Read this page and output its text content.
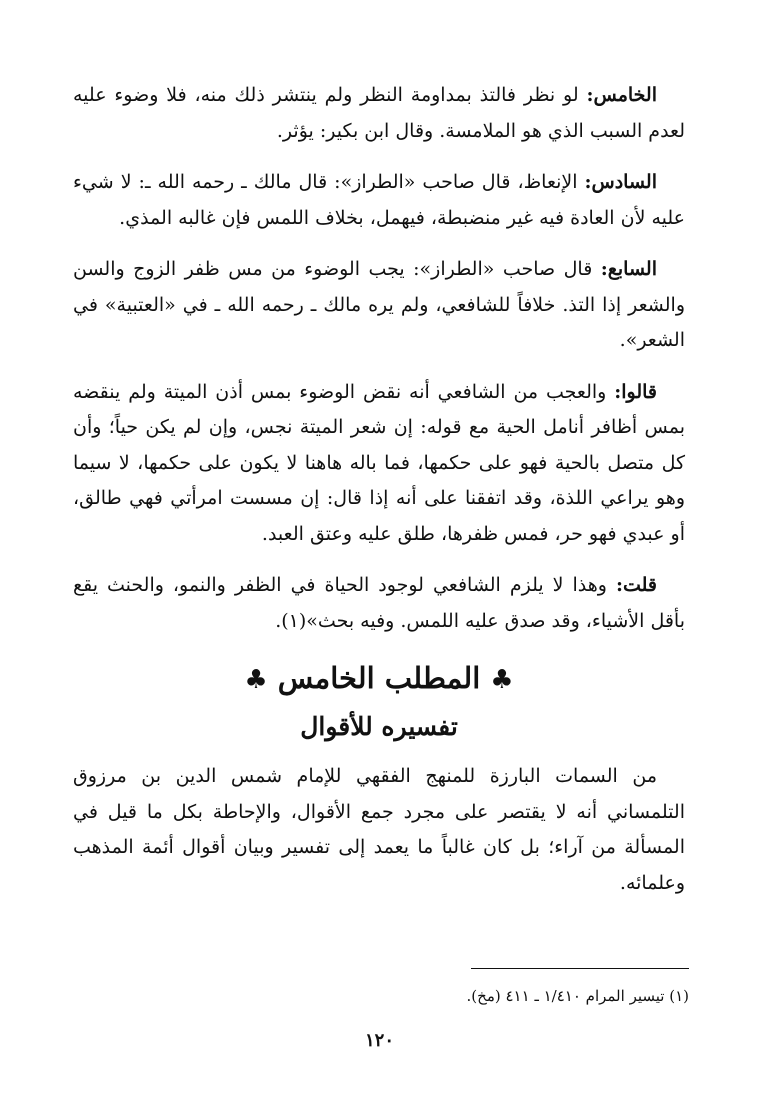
الخامس: لو نظر فالتذ بمداومة النظر ولم ينتشر ذلك منه، فلا وضوء عليه لعدم السبب الذي هو الملامسة. وقال ابن بكير: يؤثر.

السادس: الإنعاظ، قال صاحب «الطراز»: قال مالك ـ رحمه الله ـ: لا شيء عليه لأن العادة فيه غير منضبطة، فيهمل، بخلاف اللمس فإن غالبه المذي.

السابع: قال صاحب «الطراز»: يجب الوضوء من مس ظفر الزوج والسن والشعر إذا التذ. خلافاً للشافعي، ولم يره مالك ـ رحمه الله ـ في «العتبية» في الشعر».

قالوا: والعجب من الشافعي أنه نقض الوضوء بمس أذن الميتة ولم ينقضه بمس أظافر أنامل الحية مع قوله: إن شعر الميتة نجس، وإن لم يكن حياً؛ وأن كل متصل بالحية فهو على حكمها، فما باله هاهنا لا يكون على حكمها، لا سيما وهو يراعي اللذة، وقد اتفقنا على أنه إذا قال: إن مسست امرأتي فهي طالق، أو عبدي فهو حر، فمس ظفرها، طلق عليه وعتق العبد.

قلت: وهذا لا يلزم الشافعي لوجود الحياة في الظفر والنمو، والحنث يقع بأقل الأشياء، وقد صدق عليه اللمس. وفيه بحث»(١).

♣المطلب الخامس♣
تفسيره للأقوال

من السمات البارزة للمنهج الفقهي للإمام شمس الدين بن مرزوق التلمساني أنه لا يقتصر على مجرد جمع الأقوال، والإحاطة بكل ما قيل في المسألة من آراء؛ بل كان غالباً ما يعمد إلى تفسير وبيان أقوال أئمة المذهب وعلمائه.

(١) تيسير المرام ١/٤١٠ ـ ٤١١ (مخ).
١٢٠
